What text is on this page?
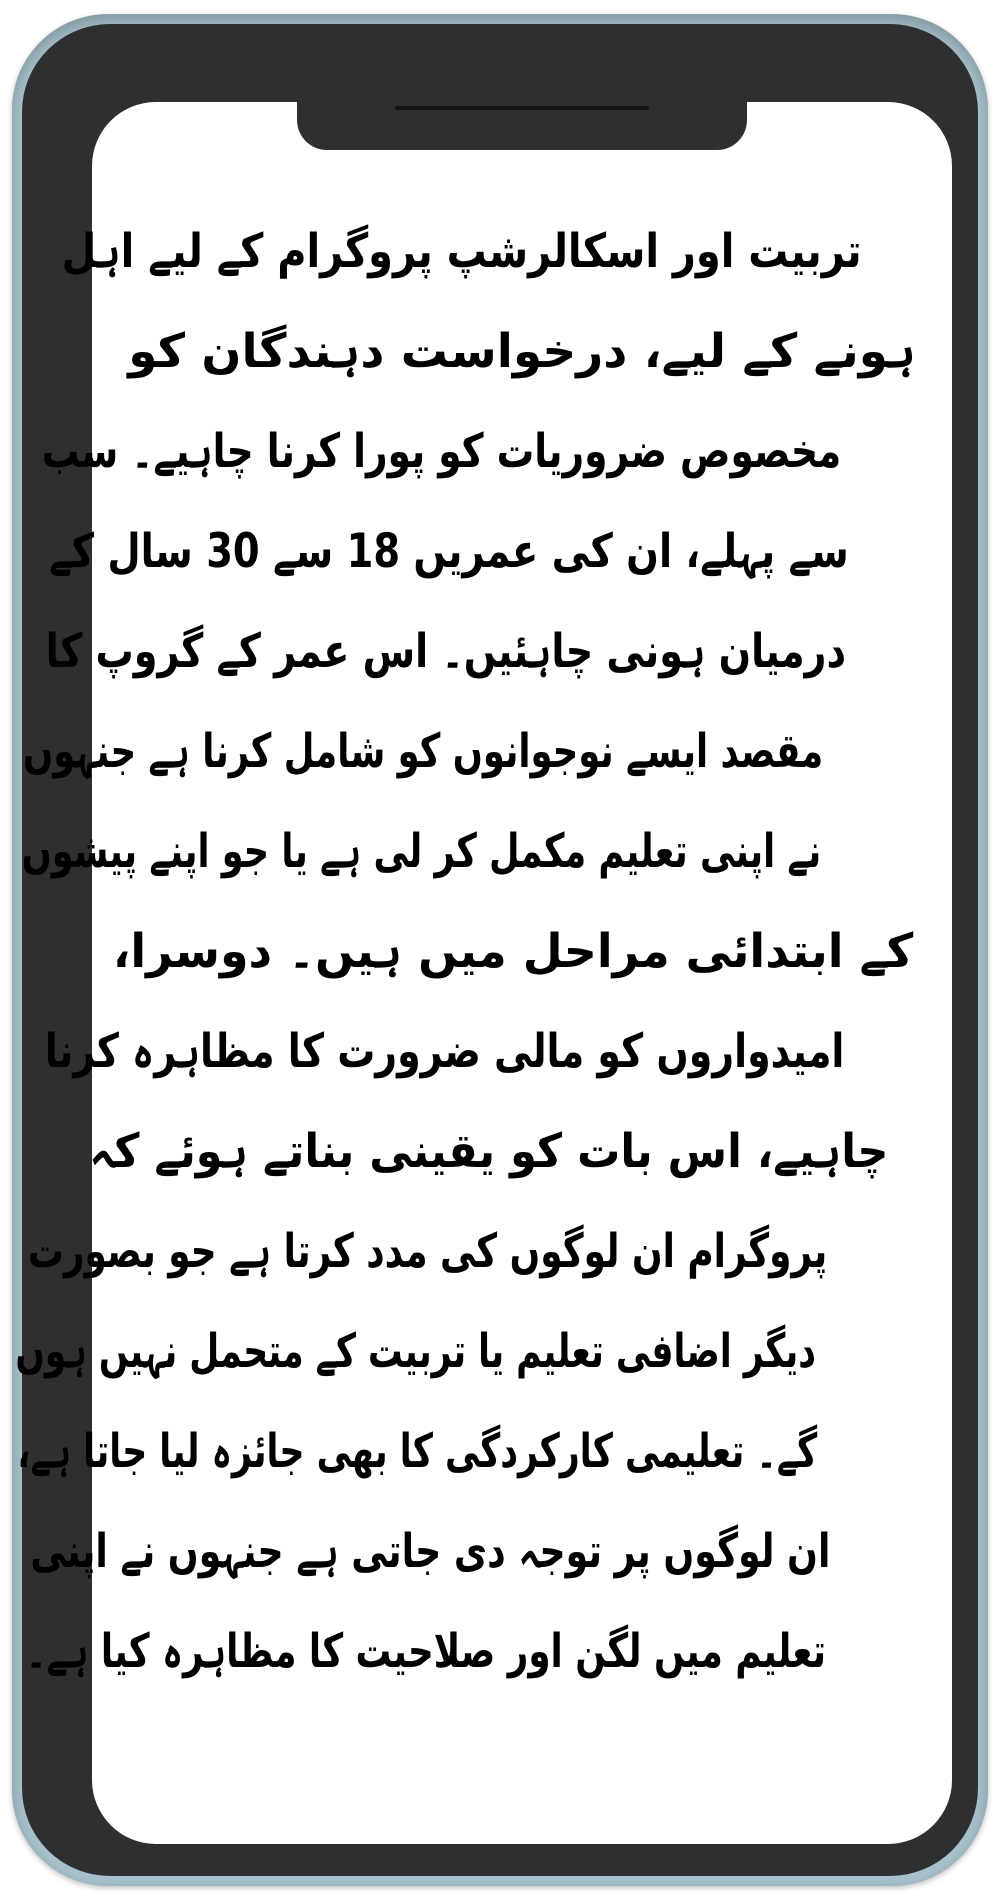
تربیت اور اسکالرشپ پروگرام کے لیے اہل
ہونے کے لیے، درخواست دہندگان کو
مخصوص ضروریات کو پورا کرنا چاہیے۔ سب
سے پہلے، ان کی عمریں 18 سے 30 سال کے
درمیان ہونی چاہئیں۔ اس عمر کے گروپ کا
مقصد ایسے نوجوانوں کو شامل کرنا ہے جنہوں
نے اپنی تعلیم مکمل کر لی ہے یا جو اپنے پیشوں
کے ابتدائی مراحل میں ہیں۔ دوسرا،
امیدواروں کو مالی ضرورت کا مظاہرہ کرنا
چاہیے، اس بات کو یقینی بناتے ہوئے کہ
پروگرام ان لوگوں کی مدد کرتا ہے جو بصورت
دیگر اضافی تعلیم یا تربیت کے متحمل نہیں ہوں
گے۔ تعلیمی کارکردگی کا بھی جائزہ لیا جاتا ہے،
ان لوگوں پر توجہ دی جاتی ہے جنہوں نے اپنی
تعلیم میں لگن اور صلاحیت کا مظاہرہ کیا ہے۔
